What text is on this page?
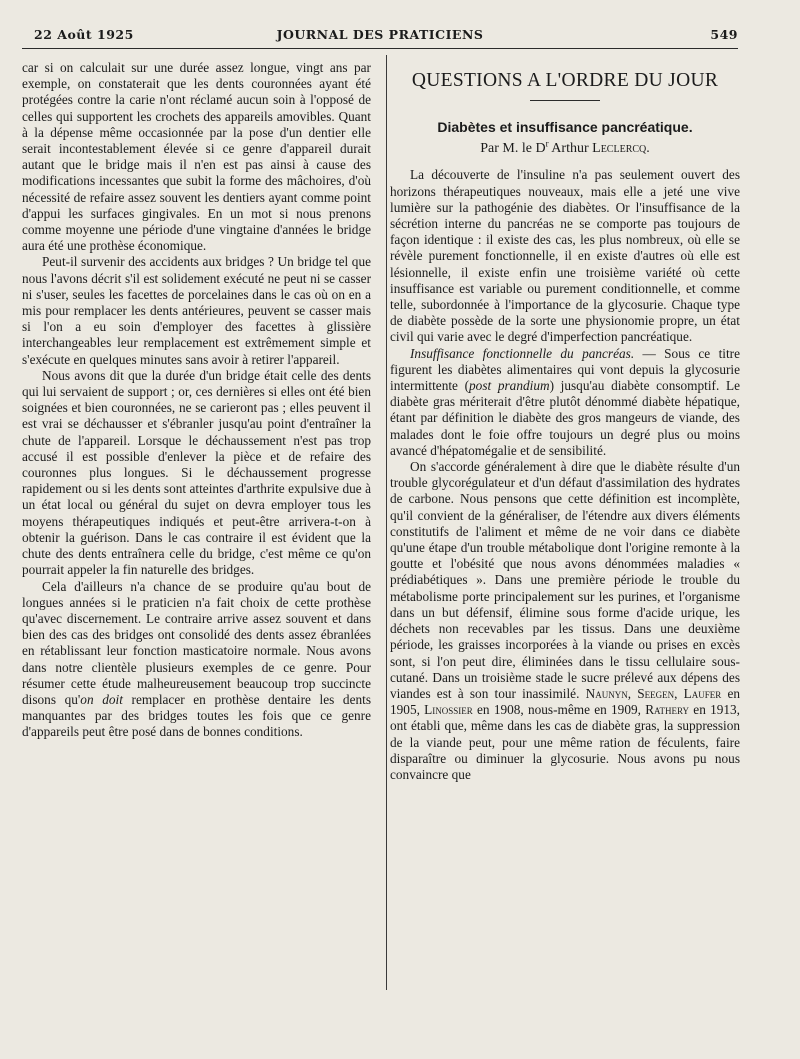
22 Août 1925	JOURNAL DES PRATICIENS	549

car si on calculait sur une durée assez longue, vingt ans par exemple, on constaterait que les dents couronnées ayant été protégées contre la carie n'ont réclamé aucun soin à l'opposé de celles qui supportent les crochets des appareils amovibles. Quant à la dépense même occasionnée par la pose d'un dentier elle serait incontestablement élevée si ce genre d'appareil durait autant que le bridge mais il n'en est pas ainsi à cause des modifications incessantes que subit la forme des mâchoires, d'où nécessité de refaire assez souvent les dentiers ayant comme point d'appui les surfaces gingivales. En un mot si nous prenons comme moyenne une période d'une vingtaine d'années le bridge aura été une prothèse économique.

Peut-il survenir des accidents aux bridges ? Un bridge tel que nous l'avons décrit s'il est solidement exécuté ne peut ni se casser ni s'user, seules les facettes de porcelaines dans le cas où on en a mis pour remplacer les dents antérieures, peuvent se casser mais si l'on a eu soin d'employer des facettes à glissière interchangeables leur remplacement est extrêmement simple et s'exécute en quelques minutes sans avoir à retirer l'appareil.

Nous avons dit que la durée d'un bridge était celle des dents qui lui servaient de support ; or, ces dernières si elles ont été bien soignées et bien couronnées, ne se carieront pas ; elles peuvent il est vrai se déchausser et s'ébranler jusqu'au point d'entraîner la chute de l'appareil. Lorsque le déchaussement n'est pas trop accusé il est possible d'enlever la pièce et de refaire des couronnes plus longues. Si le déchaussement progresse rapidement ou si les dents sont atteintes d'arthrite expulsive due à un état local ou général du sujet on devra employer tous les moyens thérapeutiques indiqués et peut-être arrivera-t-on à obtenir la guérison. Dans le cas contraire il est évident que la chute des dents entraînera celle du bridge, c'est même ce qu'on pourrait appeler la fin naturelle des bridges.

Cela d'ailleurs n'a chance de se produire qu'au bout de longues années si le praticien n'a fait choix de cette prothèse qu'avec discernement. Le contraire arrive assez souvent et dans bien des cas des bridges ont consolidé des dents assez ébranlées en rétablissant leur fonction masticatoire normale. Nous avons dans notre clientèle plusieurs exemples de ce genre. Pour résumer cette étude malheureusement beaucoup trop succincte disons qu'on doit remplacer en prothèse dentaire les dents manquantes par des bridges toutes les fois que ce genre d'appareils peut être posé dans de bonnes conditions.

QUESTIONS A L'ORDRE DU JOUR
Diabètes et insuffisance pancréatique.
Par M. le $D^r$ Arthur Leclercq.

La découverte de l'insuline n'a pas seulement ouvert des horizons thérapeutiques nouveaux, mais elle a jeté une vive lumière sur la pathogénie des diabètes. Or l'insuffisance de la sécrétion interne du pancréas ne se comporte pas toujours de façon identique : il existe des cas, les plus nombreux, où elle se révèle purement fonctionnelle, il en existe d'autres où elle est lésionnelle, il existe enfin une troisième variété où cette insuffisance est variable ou purement conditionnelle, et comme telle, subordonnée à l'importance de la glycosurie. Chaque type de diabète possède de la sorte une physionomie propre, un état civil qui varie avec le degré d'imperfection pancréatique.

Insuffisance fonctionnelle du pancréas. — Sous ce titre figurent les diabètes alimentaires qui vont depuis la glycosurie intermittente (post prandium) jusqu'au diabète consomptif. Le diabète gras mériterait d'être plutôt dénommé diabète hépatique, étant par définition le diabète des gros mangeurs de viande, des malades dont le foie offre toujours un degré plus ou moins avancé d'hépatomégalie et de sensibilité.

On s'accorde généralement à dire que le diabète résulte d'un trouble glycorégulateur et d'un défaut d'assimilation des hydrates de carbone. Nous pensons que cette définition est incomplète, qu'il convient de la généraliser, de l'étendre aux divers éléments constitutifs de l'aliment et même de ne voir dans ce diabète qu'une étape d'un trouble métabolique dont l'origine remonte à la goutte et l'obésité que nous avons dénommées maladies « prédiabétiques ». Dans une première période le trouble du métabolisme porte principalement sur les purines, et l'organisme dans un but défensif, élimine sous forme d'acide urique, les déchets non recevables par les tissus. Dans une deuxième période, les graisses incorporées à la viande ou prises en excès sont, si l'on peut dire, éliminées dans le tissu cellulaire sous-cutané. Dans un troisième stade le sucre prélevé aux dépens des viandes est à son tour inassimilé. Naunyn, Seegen, Laufer en 1905, Linossier en 1908, nous-même en 1909, Rathery en 1913, ont établi que, même dans les cas de diabète gras, la suppression de la viande peut, pour une même ration de féculents, faire disparaître ou diminuer la glycosurie. Nous avons pu nous convaincre que
